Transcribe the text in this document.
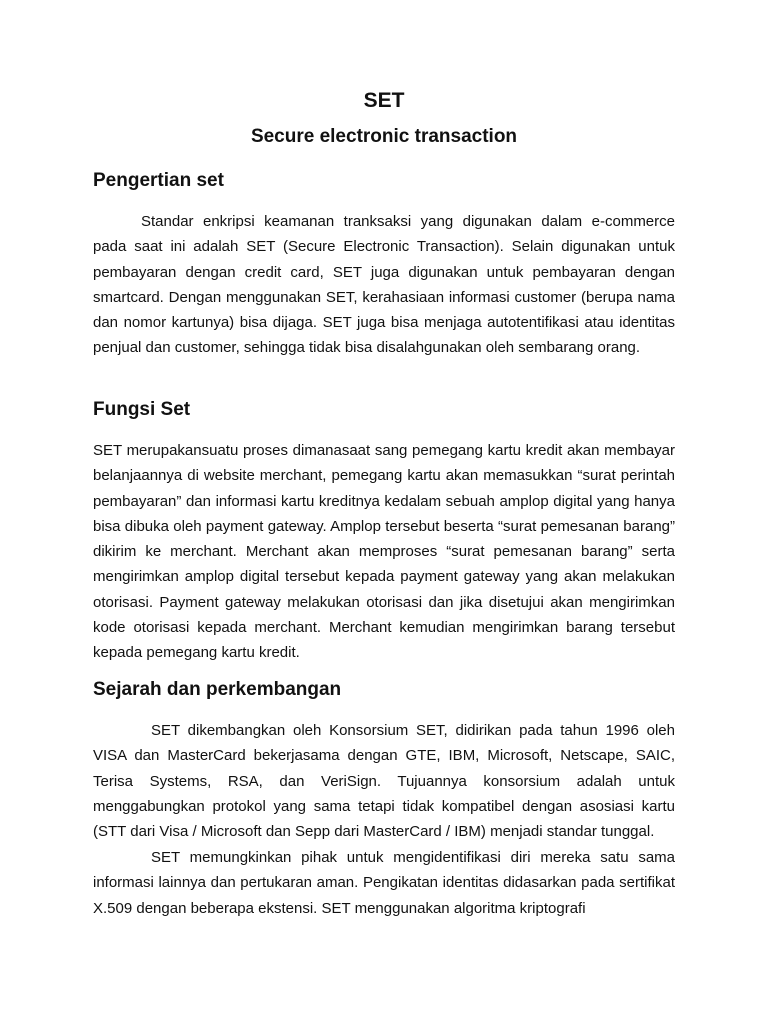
SET
Secure electronic transaction
Pengertian set

Standar enkripsi keamanan tranksaksi yang digunakan dalam e-commerce pada saat ini adalah SET (Secure Electronic Transaction). Selain digunakan untuk pembayaran dengan credit card, SET juga digunakan untuk pembayaran dengan smartcard. Dengan menggunakan SET, kerahasiaan informasi customer (berupa nama dan nomor kartunya) bisa dijaga. SET juga bisa menjaga autotentifikasi atau identitas penjual dan customer, sehingga tidak bisa disalahgunakan oleh sembarang orang.

Fungsi Set

SET merupakansuatu proses dimanasaat sang pemegang kartu kredit akan membayar belanjaannya di website merchant, pemegang kartu akan memasukkan “surat perintah pembayaran” dan informasi kartu kreditnya kedalam sebuah amplop digital yang hanya bisa dibuka oleh payment gateway. Amplop tersebut beserta “surat pemesanan barang” dikirim ke merchant. Merchant akan memproses “surat pemesanan barang” serta mengirimkan amplop digital tersebut kepada payment gateway yang akan melakukan otorisasi. Payment gateway melakukan otorisasi dan jika disetujui akan mengirimkan kode otorisasi kepada merchant. Merchant kemudian mengirimkan barang tersebut kepada pemegang kartu kredit.

Sejarah dan perkembangan

SET dikembangkan oleh Konsorsium SET, didirikan pada tahun 1996 oleh VISA dan MasterCard bekerjasama dengan GTE, IBM, Microsoft, Netscape, SAIC, Terisa Systems, RSA, dan VeriSign. Tujuannya konsorsium adalah untuk menggabungkan protokol yang sama tetapi tidak kompatibel dengan asosiasi kartu (STT dari Visa / Microsoft dan Sepp dari MasterCard / IBM) menjadi standar tunggal.

SET memungkinkan pihak untuk mengidentifikasi diri mereka satu sama informasi lainnya dan pertukaran aman. Pengikatan identitas didasarkan pada sertifikat X.509 dengan beberapa ekstensi. SET menggunakan algoritma kriptografi
